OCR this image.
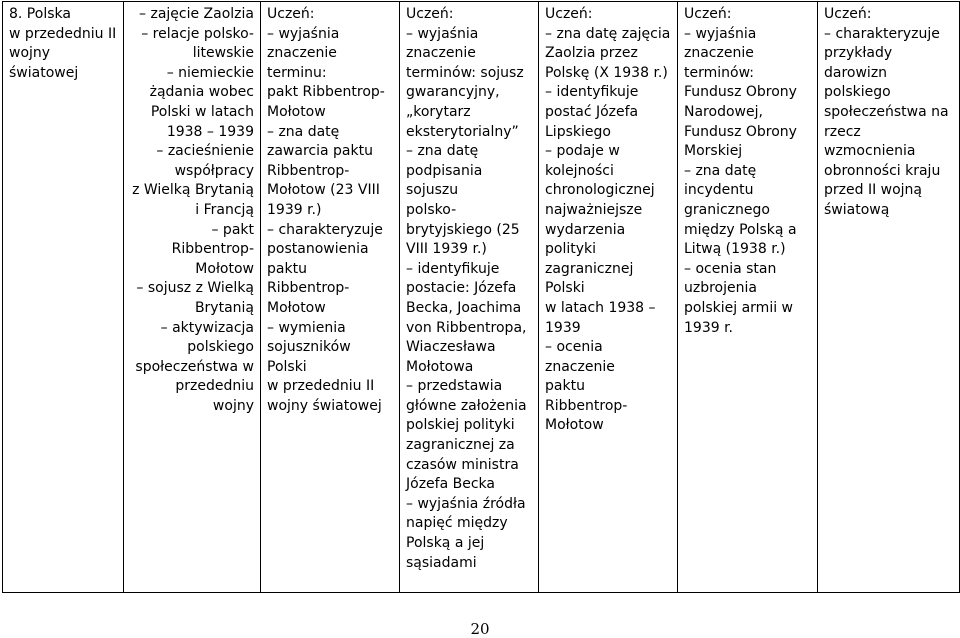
8. Polska
w przededniu II
wojny światowej

– zajęcie Zaolzia
– relacje polsko-
litewskie
– niemieckie
żądania wobec
Polski w latach
1938 – 1939
– zacieśnienie
współpracy
z Wielką Brytanią
i Francją
– pakt
Ribbentrop-
Mołotow
– sojusz z Wielką
Brytanią
– aktywizacja
polskiego
społeczeństwa w
przededniu wojny

Uczeń:
– wyjaśnia
znaczenie terminu:
pakt Ribbentrop-
Mołotow
– zna datę
zawarcia paktu
Ribbentrop-
Mołotow (23 VIII
1939 r.)
– charakteryzuje
postanowienia
paktu Ribbentrop-
Mołotow
– wymienia
sojuszników Polski
w przededniu II
wojny światowej

Uczeń:
– wyjaśnia
znaczenie
terminów: sojusz
gwarancyjny,
„korytarz
eksterytorialny”
– zna datę
podpisania sojuszu
polsko-
brytyjskiego (25
VIII 1939 r.)
– identyfikuje
postacie: Józefa
Becka, Joachima
von Ribbentropa,
Wiaczesława
Mołotowa
– przedstawia
główne założenia
polskiej polityki
zagranicznej za
czasów ministra
Józefa Becka
– wyjaśnia źródła
napięć między
Polską a jej
sąsiadami

Uczeń:
– zna datę zajęcia
Zaolzia przez
Polskę (X 1938 r.)
– identyfikuje
postać Józefa
Lipskiego
– podaje w
kolejności
chronologicznej
najważniejsze
wydarzenia
polityki
zagranicznej Polski
w latach 1938 –
1939
– ocenia znaczenie
paktu Ribbentrop-
Mołotow

Uczeń:
– wyjaśnia
znaczenie
terminów:
Fundusz Obrony
Narodowej,
Fundusz Obrony
Morskiej
– zna datę
incydentu
granicznego
między Polską a
Litwą (1938 r.)
– ocenia stan
uzbrojenia
polskiej armii w
1939 r.

Uczeń:
– charakteryzuje
przykłady darowizn
polskiego
społeczeństwa na
rzecz wzmocnienia
obronności kraju
przed II wojną
światową
20
